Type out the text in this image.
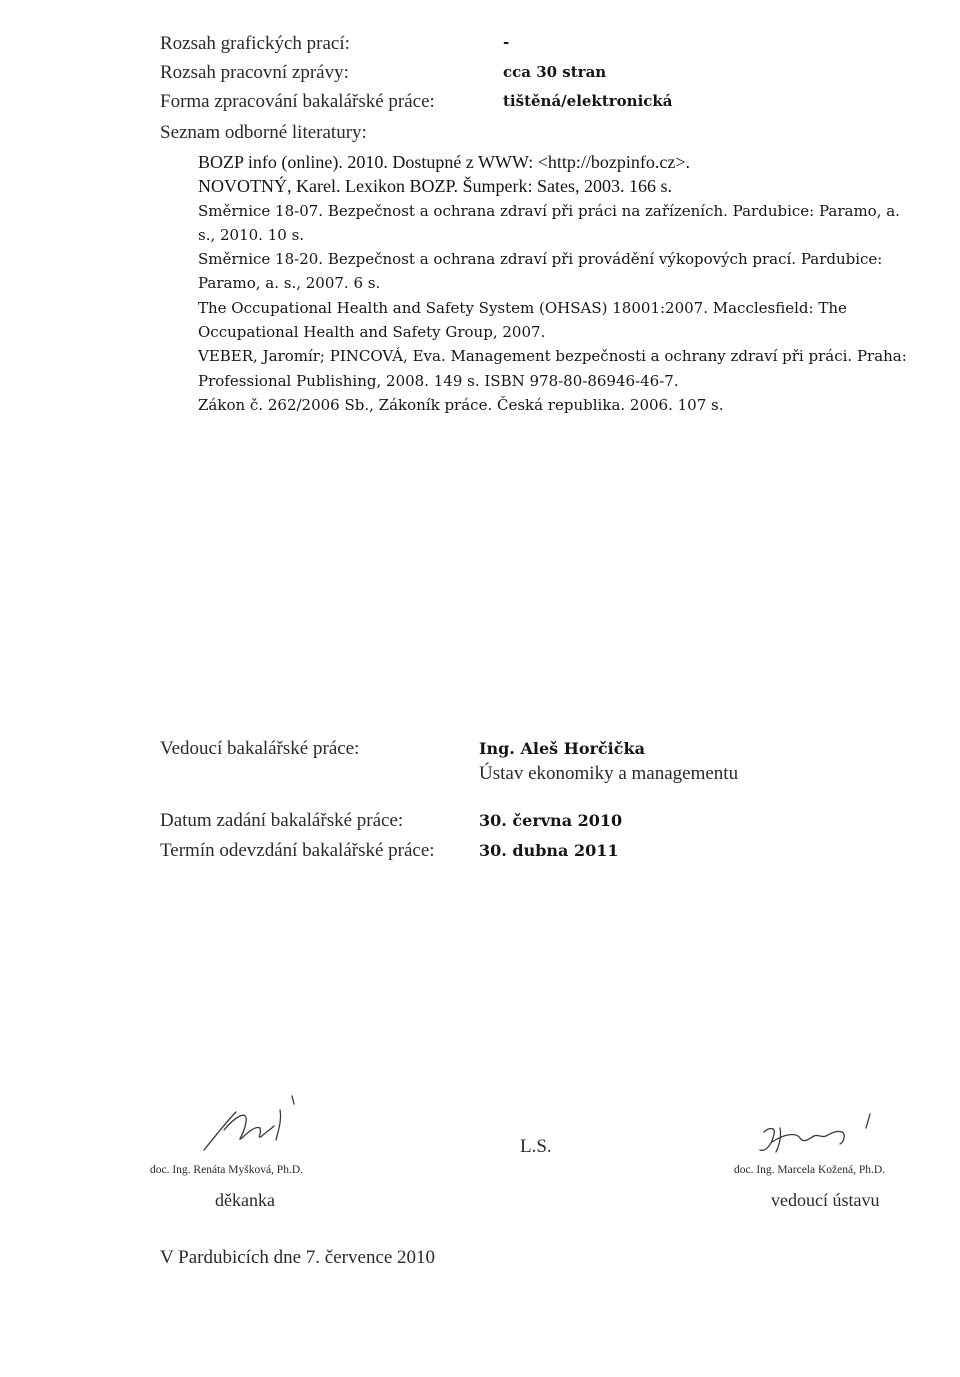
Rozsah grafických prací:	-
Rozsah pracovní zprávy:	cca 30 stran
Forma zpracování bakalářské práce:	tištěná/elektronická
Seznam odborné literatury:
BOZP info (online). 2010. Dostupné z WWW: <http://bozpinfo.cz>.
NOVOTNÝ, Karel. Lexikon BOZP. Šumperk: Sates, 2003. 166 s.
Směrnice 18-07. Bezpečnost a ochrana zdraví při práci na zařízeních. Pardubice: Paramo, a. s., 2010. 10 s.
Směrnice 18-20. Bezpečnost a ochrana zdraví při provádění výkopových prací. Pardubice: Paramo, a. s., 2007. 6 s.
The Occupational Health and Safety System (OHSAS) 18001:2007. Macclesfield: The Occupational Health and Safety Group, 2007.
VEBER, Jaromír; PINCOVÁ, Eva. Management bezpečnosti a ochrany zdraví při práci. Praha: Professional Publishing, 2008. 149 s. ISBN 978-80-86946-46-7.
Zákon č. 262/2006 Sb., Zákoník práce. Česká republika. 2006. 107 s.
Vedoucí bakalářské práce:	Ing. Aleš Horčička
Ústav ekonomiky a managementu
Datum zadání bakalářské práce:	30. června 2010
Termín odevzdání bakalářské práce:	30. dubna 2011
doc. Ing. Renáta Myšková, Ph.D.
děkanka
L.S.
doc. Ing. Marcela Kožená, Ph.D.
vedoucí ústavu
V Pardubicích dne 7. července 2010
